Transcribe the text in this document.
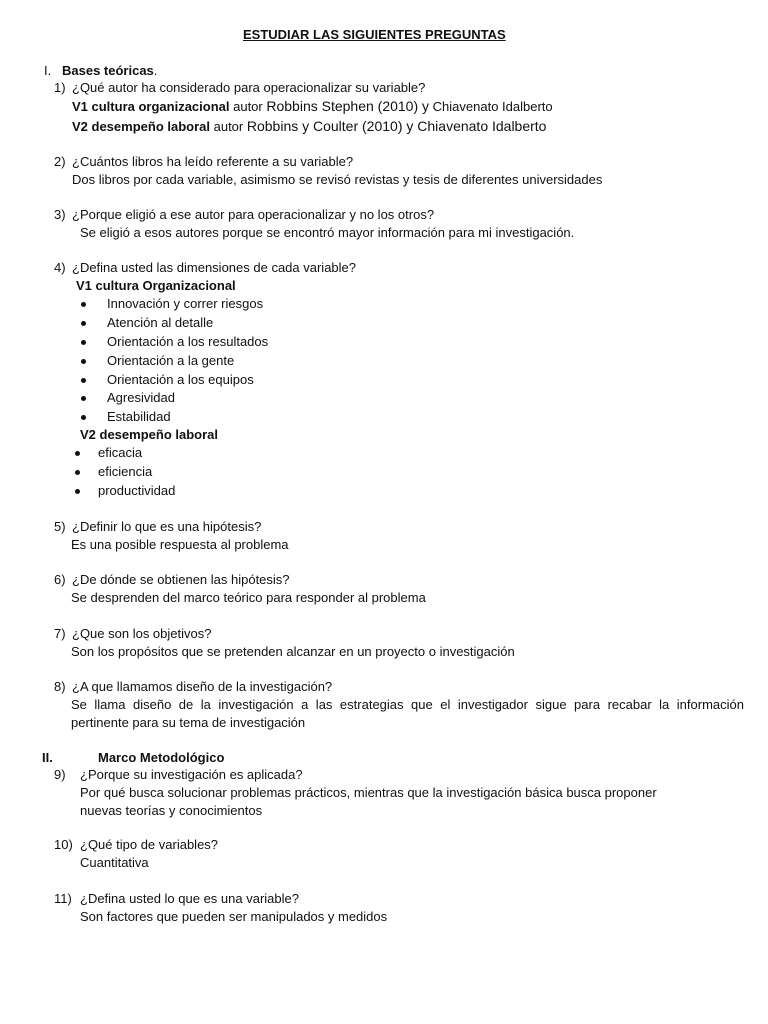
ESTUDIAR LAS SIGUIENTES PREGUNTAS
I. Bases teóricas.
1) ¿Qué autor ha considerado para operacionalizar su variable?
V1 cultura organizacional autor Robbins Stephen (2010) y Chiavenato Idalberto
V2 desempeño laboral autor Robbins y Coulter (2010) y Chiavenato Idalberto
2) ¿Cuántos libros ha leído referente a su variable?
Dos libros por cada variable, asimismo se revisó revistas y tesis de diferentes universidades
3) ¿Porque eligió a ese autor para operacionalizar y no los otros?
Se eligió a esos autores porque se encontró mayor información para mi investigación.
4) ¿Defina usted las dimensiones de cada variable?
V1 cultura Organizacional
Innovación y correr riesgos
Atención al detalle
Orientación a los resultados
Orientación a la gente
Orientación a los equipos
Agresividad
Estabilidad
V2 desempeño laboral
eficacia
eficiencia
productividad
5) ¿Definir lo que es una hipótesis?
Es una posible respuesta al problema
6) ¿De dónde se obtienen las hipótesis?
Se desprenden del marco teórico para responder al problema
7) ¿Que son los objetivos?
Son los propósitos que se pretenden alcanzar en un proyecto o investigación
8) ¿A que llamamos diseño de la investigación?
Se llama diseño de la investigación a las estrategias que el investigador sigue para recabar la información
pertinente para su tema de investigación
II.	Marco Metodológico
9) ¿Porque su investigación es aplicada?
Por qué busca solucionar problemas prácticos, mientras que la investigación básica busca proponer
nuevas teorías y conocimientos
10) ¿Qué tipo de variables?
Cuantitativa
11) ¿Defina usted lo que es una variable?
Son factores que pueden ser manipulados y medidos
